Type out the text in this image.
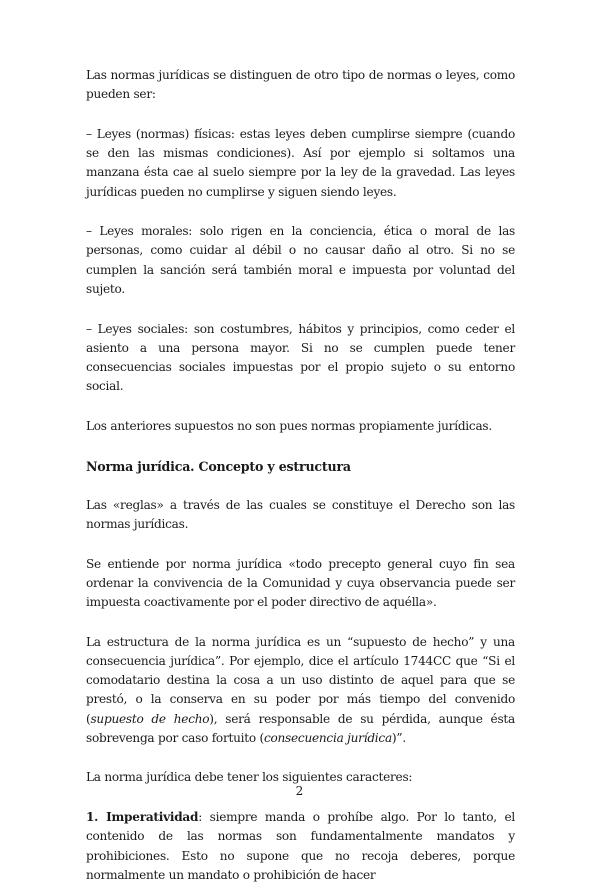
Las normas jurídicas se distinguen de otro tipo de normas o leyes, como pueden ser:

– Leyes (normas) físicas: estas leyes deben cumplirse siempre (cuando se den las mismas condiciones). Así por ejemplo si soltamos una manzana ésta cae al suelo siempre por la ley de la gravedad. Las leyes jurídicas pueden no cumplirse y siguen siendo leyes.

– Leyes morales: solo rigen en la conciencia, ética o moral de las personas, como cuidar al débil o no causar daño al otro. Si no se cumplen la sanción será también moral e impuesta por voluntad del sujeto.

– Leyes sociales: son costumbres, hábitos y principios, como ceder el asiento a una persona mayor. Si no se cumplen puede tener consecuencias sociales impuestas por el propio sujeto o su entorno social.

Los anteriores supuestos no son pues normas propiamente jurídicas.

Norma jurídica. Concepto y estructura

Las «reglas» a través de las cuales se constituye el Derecho son las normas jurídicas.

Se entiende por norma jurídica «todo precepto general cuyo fin sea ordenar la convivencia de la Comunidad y cuya observancia puede ser impuesta coactivamente por el poder directivo de aquélla».

La estructura de la norma jurídica es un “supuesto de hecho” y una consecuencia jurídica”. Por ejemplo, dice el artículo 1744CC que “Si el comodatario destina la cosa a un uso distinto de aquel para que se prestó, o la conserva en su poder por más tiempo del convenido (supuesto de hecho), será responsable de su pérdida, aunque ésta sobrevenga por caso fortuito (consecuencia jurídica)”.

La norma jurídica debe tener los siguientes caracteres:

1. Imperatividad: siempre manda o prohíbe algo. Por lo tanto, el contenido de las normas son fundamentalmente mandatos y prohibiciones. Esto no supone que no recoja deberes, porque normalmente un mandato o prohibición de hacer

2
